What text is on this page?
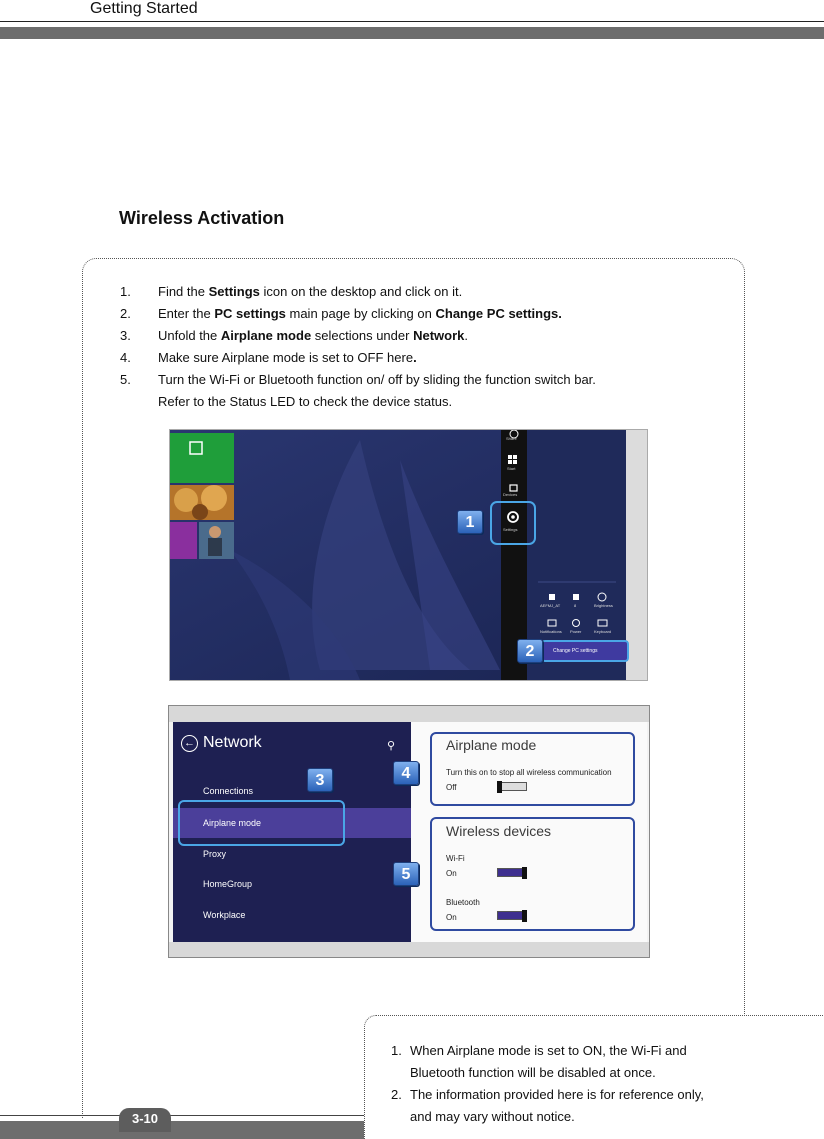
Getting Started
Wireless Activation
1. Find the Settings icon on the desktop and click on it.
2. Enter the PC settings main page by clicking on Change PC settings.
3. Unfold the Airplane mode selections under Network.
4. Make sure Airplane mode is set to OFF here.
5. Turn the Wi-Fi or Bluetooth function on/ off by sliding the function switch bar.
Refer to the Status LED to check the device status.
Share
Start
Devices
Settings
AEFMJ_AT	8	Brightness
Notifications Power	Keyboard
Change PC settings
1
2
← Network	⚲
Connections
Airplane mode
Proxy
HomeGroup
Workplace
Airplane mode
Turn this on to stop all wireless communication
Off
Wireless devices
Wi-Fi
On
Bluetooth
On
3	4
5
3-10
1. When Airplane mode is set to ON, the Wi-Fi and
Bluetooth function will be disabled at once.
2. The information provided here is for reference only,
and may vary without notice.
